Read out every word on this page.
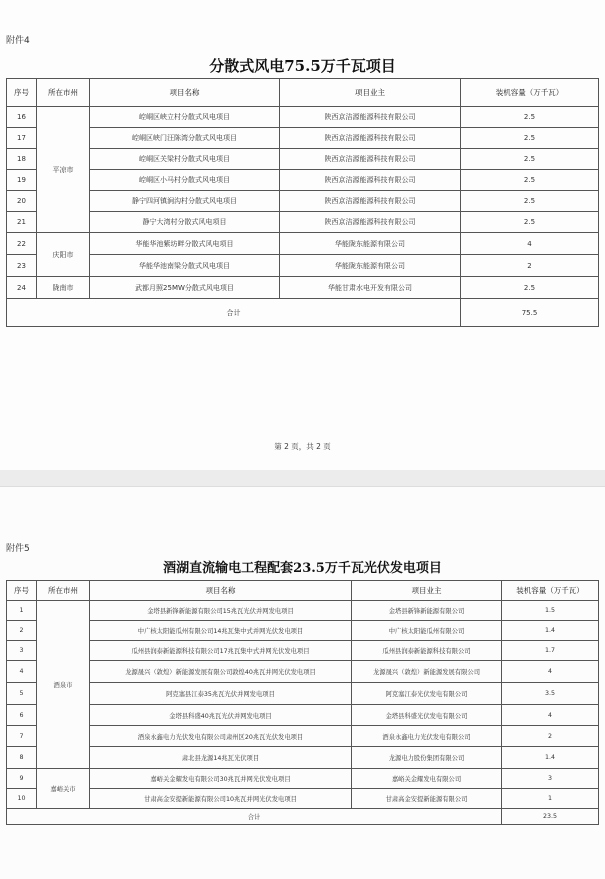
附件4
分散式风电75.5万千瓦项目
序号	所在市州	项目名称	项目业主	装机容量（万千瓦）
16	平凉市	崆峒区峡立村分散式风电项目	陕西京洁源能源科技有限公司	2.5
17		崆峒区峡门汪陈湾分散式风电项目	陕西京洁源能源科技有限公司	2.5
18		崆峒区关梁村分散式风电项目	陕西京洁源能源科技有限公司	2.5
19		崆峒区小马村分散式风电项目	陕西京洁源能源科技有限公司	2.5
20		静宁四河镇涧沟村分散式风电项目	陕西京洁源能源科技有限公司	2.5
21		静宁大湾村分散式风电项目	陕西京洁源能源科技有限公司	2.5
22	庆阳市	华能华池紫坊畔分散式风电项目	华能陇东能源有限公司	4
23		华能华池南梁分散式风电项目	华能陇东能源有限公司	2
24	陇南市	武都月照25MW分散式风电项目	华能甘肃水电开发有限公司	2.5
合计				75.5
第 2 页，共 2 页
附件5
酒湖直流输电工程配套23.5万千瓦光伏发电项目
序号	所在市州	项目名称	项目业主	装机容量（万千瓦）
1	酒泉市	金塔县新锋新能源有限公司15兆瓦光伏并网发电项目	金塔县新锋新能源有限公司	1.5
2		中广核太阳能瓜州有限公司14兆瓦集中式并网光伏发电项目	中广核太阳能瓜州有限公司	1.4
3		瓜州县润泰新能源科技有限公司17兆瓦集中式并网光伏发电项目	瓜州县润泰新能源科技有限公司	1.7
4		龙源晟兴（敦煌）新能源发展有限公司敦煌40兆瓦并网光伏发电项目	龙源晟兴（敦煌）新能源发展有限公司	4
5		阿克塞县江泰35兆瓦光伏并网发电项目	阿克塞江泰光伏发电有限公司	3.5
6		金塔县科盛40兆瓦光伏并网发电项目	金塔县科盛光伏发电有限公司	4
7		酒泉永鑫电力光伏发电有限公司肃州区20兆瓦光伏发电项目	酒泉永鑫电力光伏发电有限公司	2
8		肃北县龙源14兆瓦光伏项目	龙源电力股份集团有限公司	1.4
9	嘉峪关市	嘉峪关金耀发电有限公司30兆瓦并网光伏发电项目	嘉峪关金耀发电有限公司	3
10		甘肃高金安提新能源有限公司10兆瓦并网光伏发电项目	甘肃高金安提新能源有限公司	1
合计				23.5
